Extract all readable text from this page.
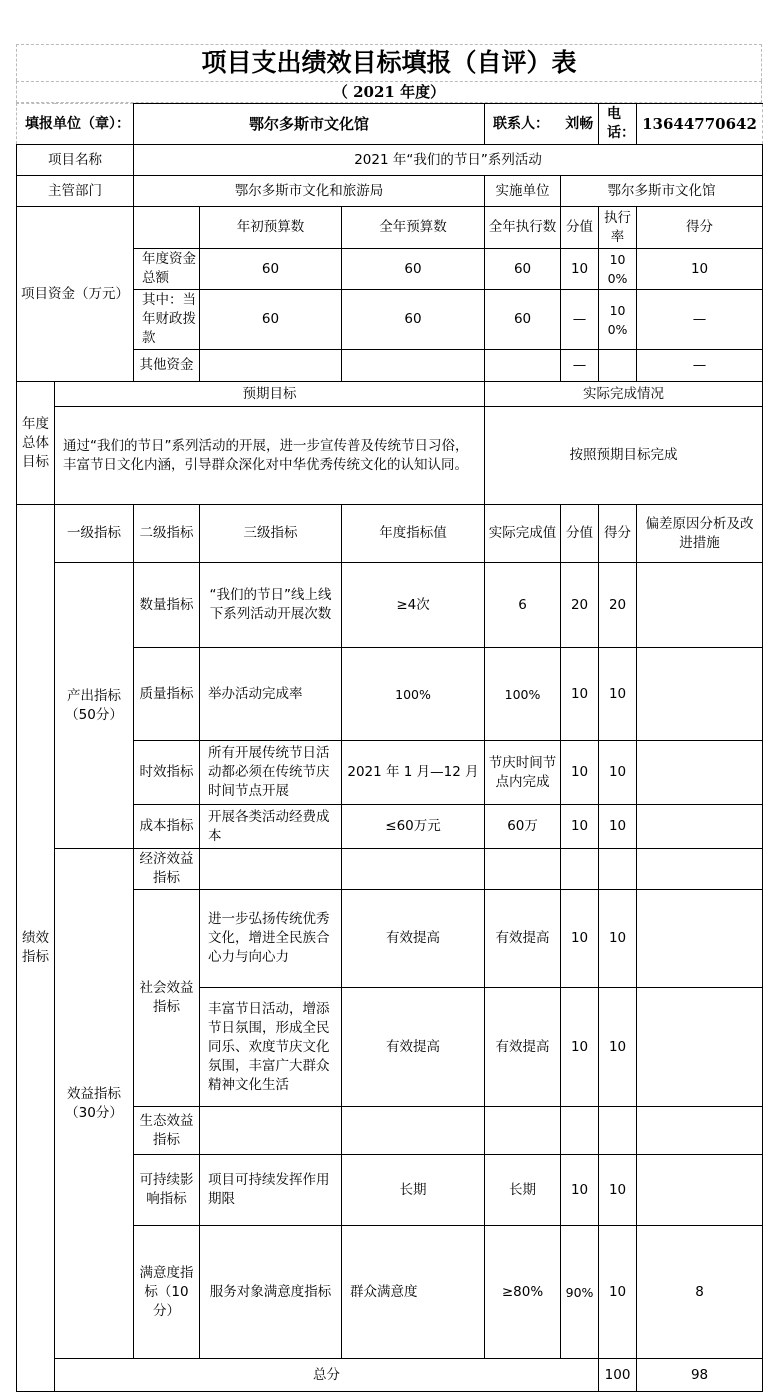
项目支出绩效目标填报（自评）表
（ 2021 年度）
填报单位（章）：		鄂尔多斯市文化馆			联系人：	刘畅	电话：	13644770642	
项目名称		2021 年“我们的节日”系列活动							
主管部门		鄂尔多斯市文化和旅游局			实施单位	鄂尔多斯市文化馆			
项目资金（万元）			年初预算数	全年预算数	全年执行数	分值	执行率	得分	
		年度资金总额	60	60	60	10	100%	10	
		其中：当年财政拨款	60	60	60	—	100%	—	
		其他资金				—		—	
年度总体目标	预期目标				实际完成情况				
	通过“我们的节日”系列活动的开展，进一步宣传普及传统节日习俗，丰富节日文化内涵，引导群众深化对中华优秀传统文化的认知认同。				按照预期目标完成				
绩效指标	一级指标	二级指标	三级指标	年度指标值	实际完成值	分值	得分	偏差原因分析及改进措施	
	产出指标（50分）	数量指标	“我们的节日”线上线下系列活动开展次数	≥4次	6	20	20		
		质量指标	举办活动完成率	100%	100%	10	10		
		时效指标	所有开展传统节日活动都必须在传统节庆时间节点开展	2021 年 1 月—12 月	节庆时间节点内完成	10	10		
		成本指标	开展各类活动经费成本	≤60万元	60万	10	10		
	效益指标（30分）	经济效益指标							
		社会效益指标	进一步弘扬传统优秀文化，增进全民族合心力与向心力	有效提高	有效提高	10	10		
			丰富节日活动，增添节日氛围，形成全民同乐、欢度节庆文化氛围，丰富广大群众精神文化生活	有效提高	有效提高	10	10		
		生态效益指标							
		可持续影响指标	项目可持续发挥作用期限	长期	长期	10	10		
		满意度指标（10分）	服务对象满意度指标	群众满意度	≥80%	90%	10	8	
	总分						100	98	
